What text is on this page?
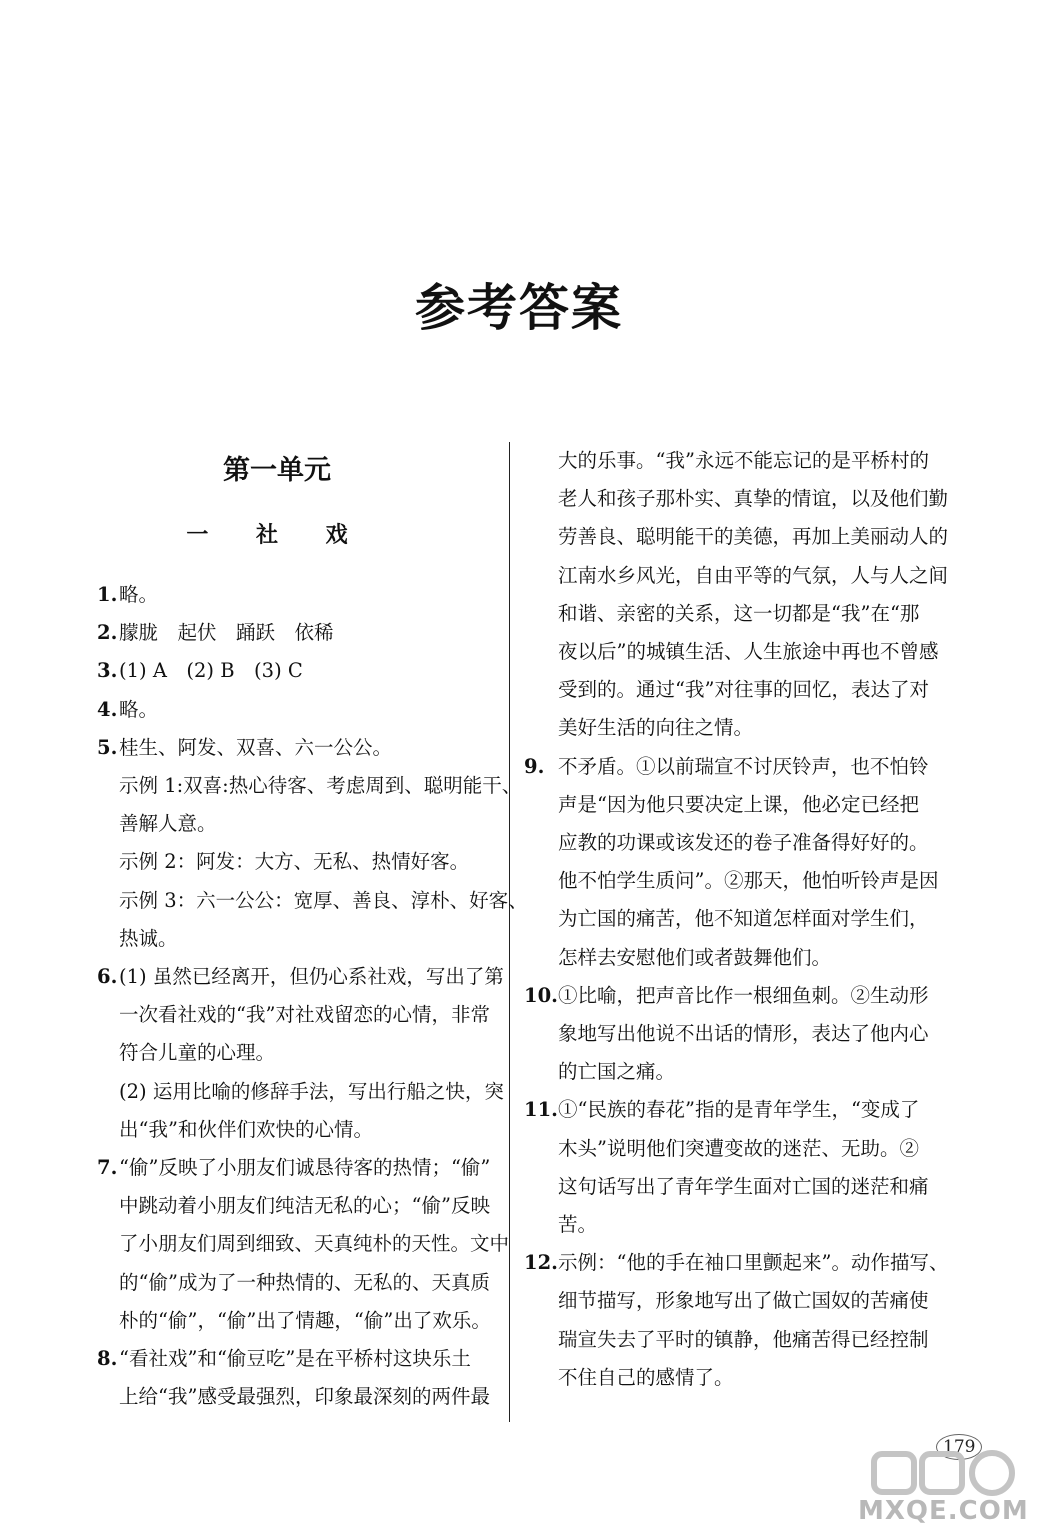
参考答案
第一单元
一 社 戏
1.略。
2.朦胧　起伏　踊跃　依稀
3.(1) A　(2) B　(3) C
4.略。
5.桂生、阿发、双喜、六一公公。
示例 1:双喜:热心待客、考虑周到、聪明能干、
善解人意。
示例 2：阿发：大方、无私、热情好客。
示例 3：六一公公：宽厚、善良、淳朴、好客、
热诚。
6.(1) 虽然已经离开，但仍心系社戏，写出了第
一次看社戏的“我”对社戏留恋的心情，非常
符合儿童的心理。
(2) 运用比喻的修辞手法，写出行船之快，突
出“我”和伙伴们欢快的心情。
7.“偷”反映了小朋友们诚恳待客的热情；“偷”
中跳动着小朋友们纯洁无私的心；“偷”反映
了小朋友们周到细致、天真纯朴的天性。文中
的“偷”成为了一种热情的、无私的、天真质
朴的“偷”，“偷”出了情趣，“偷”出了欢乐。
8.“看社戏”和“偷豆吃”是在平桥村这块乐土
上给“我”感受最强烈，印象最深刻的两件最
大的乐事。“我”永远不能忘记的是平桥村的
老人和孩子那朴实、真挚的情谊，以及他们勤
劳善良、聪明能干的美德，再加上美丽动人的
江南水乡风光，自由平等的气氛，人与人之间
和谐、亲密的关系，这一切都是“我”在“那
夜以后”的城镇生活、人生旅途中再也不曾感
受到的。通过“我”对往事的回忆，表达了对
美好生活的向往之情。
9. 不矛盾。①以前瑞宣不讨厌铃声，也不怕铃
声是“因为他只要决定上课，他必定已经把
应教的功课或该发还的卷子准备得好好的。
他不怕学生质问”。②那天，他怕听铃声是因
为亡国的痛苦，他不知道怎样面对学生们，
怎样去安慰他们或者鼓舞他们。
10.①比喻，把声音比作一根细鱼刺。②生动形
象地写出他说不出话的情形，表达了他内心
的亡国之痛。
11.①“民族的春花”指的是青年学生，“变成了
木头”说明他们突遭变故的迷茫、无助。②
这句话写出了青年学生面对亡国的迷茫和痛
苦。
12.示例：“他的手在袖口里颤起来”。动作描写、
细节描写，形象地写出了做亡国奴的苦痛使
瑞宣失去了平时的镇静，他痛苦得已经控制
不住自己的感情了。
179
MXQE.COM
